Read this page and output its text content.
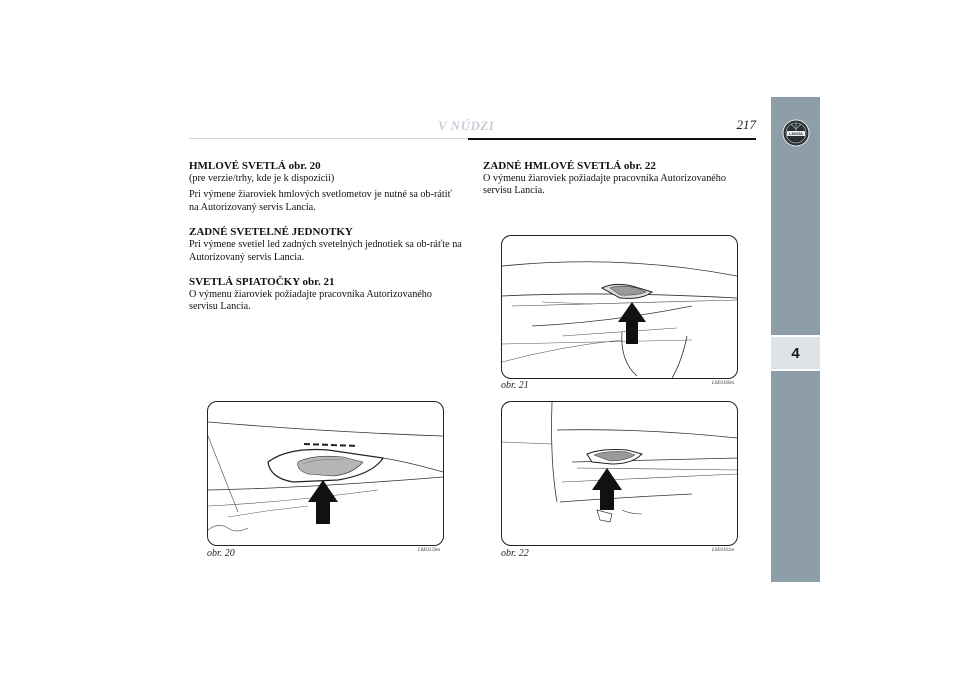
V NÚDZI	217
HMLOVÉ SVETLÁ obr. 20

(pre verzie/trhy, kde je k dispozícii)

Pri výmene žiaroviek hmlových svetlometov je nutné sa ob-rátiť na Autorizovaný servis Lancia.

ZADNÉ SVETELNÉ JEDNOTKY

Pri výmene svetiel led zadných svetelných jednotiek sa ob-ráťte na Autorizovaný servis Lancia.

SVETLÁ SPIATOČKY obr. 21

O výmenu žiaroviek požiadajte pracovníka Autorizovaného servisu Lancia.

ZADNÉ HMLOVÉ SVETLÁ obr. 22

O výmenu žiaroviek požiadajte pracovníka Autorizovaného servisu Lancia.

obr. 21	L0E0160m
obr. 20	L0E0159m	obr. 22	L0E0161m
4
LANCIA
